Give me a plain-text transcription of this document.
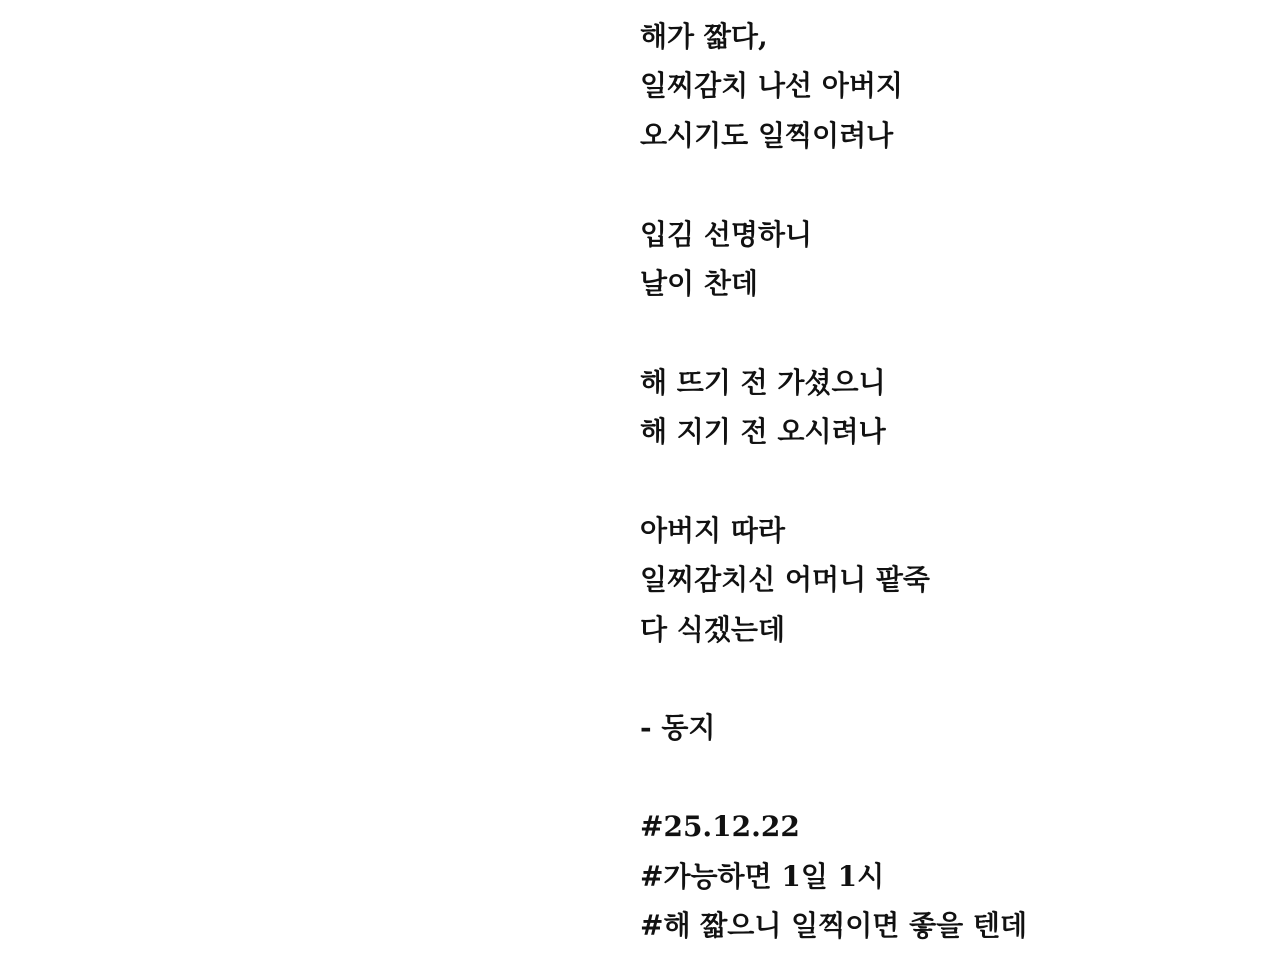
해가 짧다,
일찌감치 나선 아버지
오시기도 일찍이려나
입김 선명하니
날이 찬데
해 뜨기 전 가셨으니
해 지기 전 오시려나
아버지 따라
일찌감치신 어머니 팥죽
다 식겠는데
- 동지
#25.12.22
#가능하면 1일 1시
#해 짧으니 일찍이면 좋을 텐데
